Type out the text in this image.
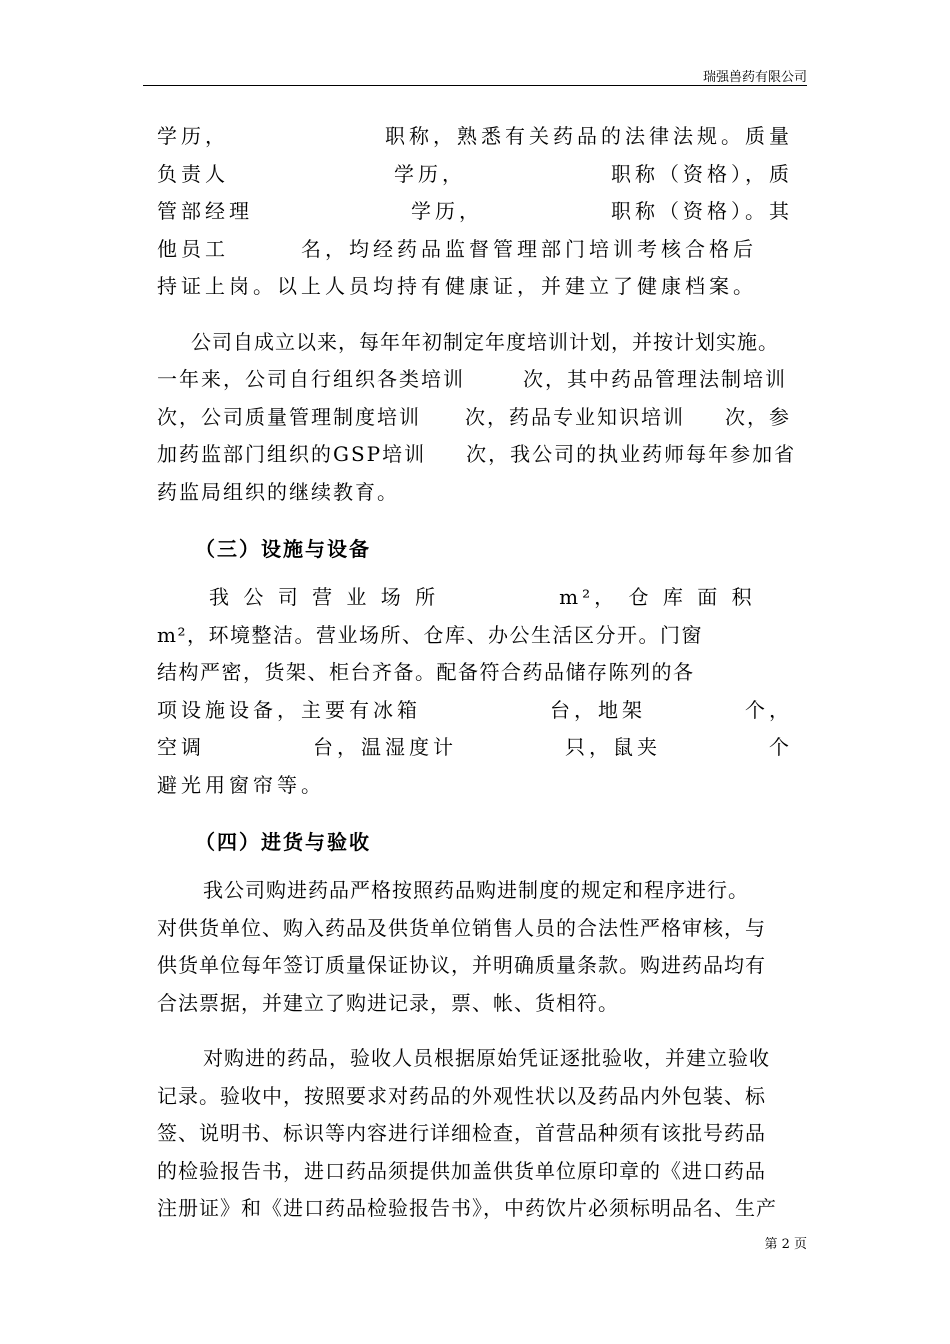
瑞强兽药有限公司
学历，	职称，熟悉有关药品的法律法规。质量
负责人	学历，	职称（资格），质
管部经理	学历，	职称（资格）。其
他员工	名，均经药品监督管理部门培训考核合格后
持证上岗。以上人员均持有健康证，并建立了健康档案。
公司自成立以来，每年年初制定年度培训计划，并按计划实施。
一年来，公司自行组织各类培训	次，其中药品管理法制培训
次，公司质量管理制度培训 次，药品专业知识培训 次，参
加药监部门组织的GSP培训 次，我公司的执业药师每年参加省
药监局组织的继续教育。
（三）设施与设备
我 公 司 营 业 场 所	m²， 仓 库 面 积
m²，环境整洁。营业场所、仓库、办公生活区分开。门窗
结构严密，货架、柜台齐备。配备符合药品储存陈列的各
项设施设备，主要有冰箱	台，地架	个，
空调	台，温湿度计	只，鼠夹	个
避光用窗帘等。
（四）进货与验收
我公司购进药品严格按照药品购进制度的规定和程序进行。
对供货单位、购入药品及供货单位销售人员的合法性严格审核，与
供货单位每年签订质量保证协议，并明确质量条款。购进药品均有
合法票据，并建立了购进记录，票、帐、货相符。
对购进的药品，验收人员根据原始凭证逐批验收，并建立验收
记录。验收中，按照要求对药品的外观性状以及药品内外包装、标
签、说明书、标识等内容进行详细检查，首营品种须有该批号药品
的检验报告书，进口药品须提供加盖供货单位原印章的《进口药品
注册证》和《进口药品检验报告书》，中药饮片必须标明品名、生产
第 2 页
